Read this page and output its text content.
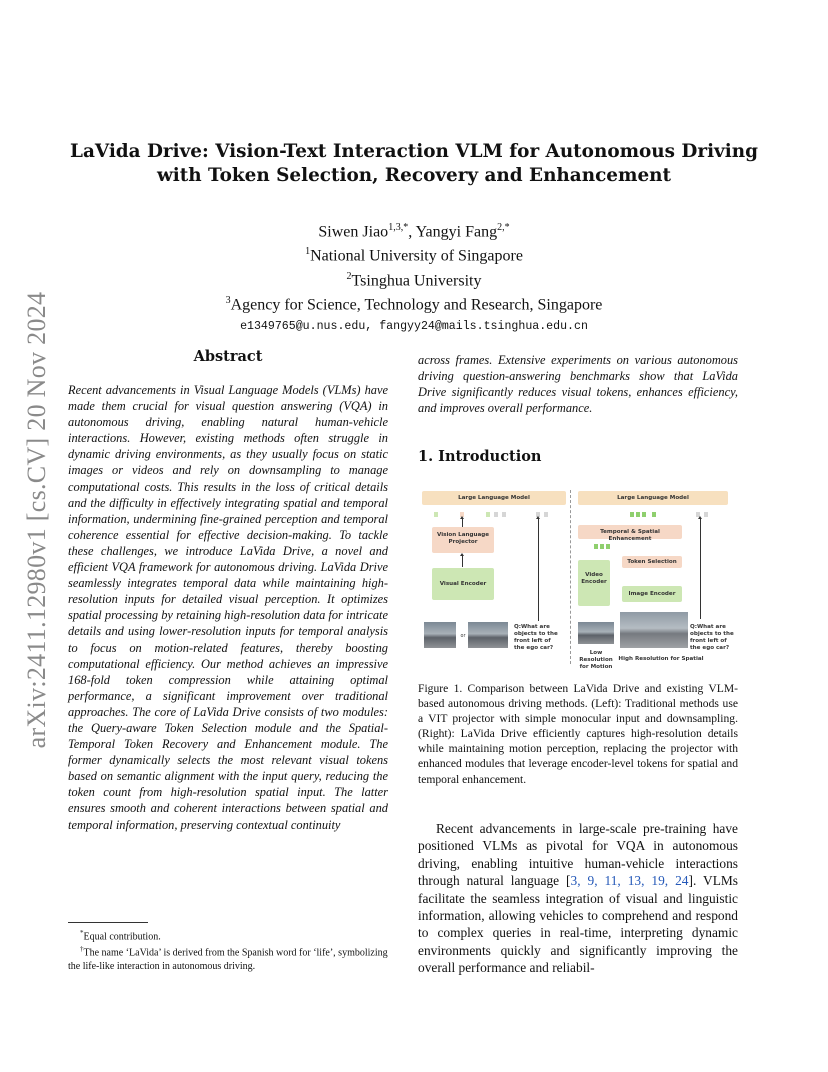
arXiv:2411.12980v1 [cs.CV] 20 Nov 2024
LaVida Drive: Vision-Text Interaction VLM for Autonomous Driving
with Token Selection, Recovery and Enhancement
Siwen Jiao$^{1,3,*}$, Yangyi Fang$^{2,*}$
$^1$National University of Singapore
$^2$Tsinghua University
$^3$Agency for Science, Technology and Research, Singapore
e1349765@u.nus.edu, fangyy24@mails.tsinghua.edu.cn
Abstract
Recent advancements in Visual Language Models (VLMs) have made them crucial for visual question answering (VQA) in autonomous driving, enabling natural human-vehicle interactions. However, existing methods often struggle in dynamic driving environments, as they usually focus on static images or videos and rely on downsampling to manage computational costs. This results in the loss of critical details and the difficulty in effectively integrating spatial and temporal information, undermining fine-grained perception and temporal coherence essential for effective decision-making. To tackle these challenges, we introduce LaVida Drive, a novel and efficient VQA framework for autonomous driving. LaVida Drive seamlessly integrates temporal data while maintaining high-resolution inputs for detailed visual perception. It optimizes spatial processing by retaining high-resolution data for intricate details and using lower-resolution inputs for temporal analysis to focus on motion-related features, thereby boosting computational efficiency. Our method achieves an impressive 168-fold token compression while attaining optimal performance, a significant improvement over traditional approaches. The core of LaVida Drive consists of two modules: the Query-aware Token Selection module and the Spatial-Temporal Token Recovery and Enhancement module. The former dynamically selects the most relevant visual tokens based on semantic alignment with the input query, reducing the token count from high-resolution spatial input. The latter ensures smooth and coherent interactions between spatial and temporal information, preserving contextual continuity

*Equal contribution.

†The name ‘LaVida’ is derived from the Spanish word for ‘life’, symbolizing the life-like interaction in autonomous driving.

across frames. Extensive experiments on various autonomous driving question-answering benchmarks show that LaVida Drive significantly reduces visual tokens, enhances efficiency, and improves overall performance.
1. Introduction
Large Language Model
Vision Language Projector
Visual Encoder
or
Q:What are objects to the front left of the ego car?
Large Language Model
Temporal & Spatial Enhancement
Video Encoder
Token Selection
Image Encoder
Q:What are objects to the front left of the ego car?
Low Resolution for Motion
High Resolution for Spatial
Figure 1. Comparison between LaVida Drive and existing VLM-based autonomous driving methods. (Left): Traditional methods use a VIT projector with simple monocular input and downsampling. (Right): LaVida Drive efficiently captures high-resolution details while maintaining motion perception, replacing the projector with enhanced modules that leverage encoder-level tokens for spatial and temporal enhancement.
Recent advancements in large-scale pre-training have positioned VLMs as pivotal for VQA in autonomous driving, enabling intuitive human-vehicle interactions through natural language [3, 9, 11, 13, 19, 24]. VLMs facilitate the seamless integration of visual and linguistic information, allowing vehicles to comprehend and respond to complex queries in real-time, interpreting dynamic environments quickly and significantly improving the overall performance and reliabil-
